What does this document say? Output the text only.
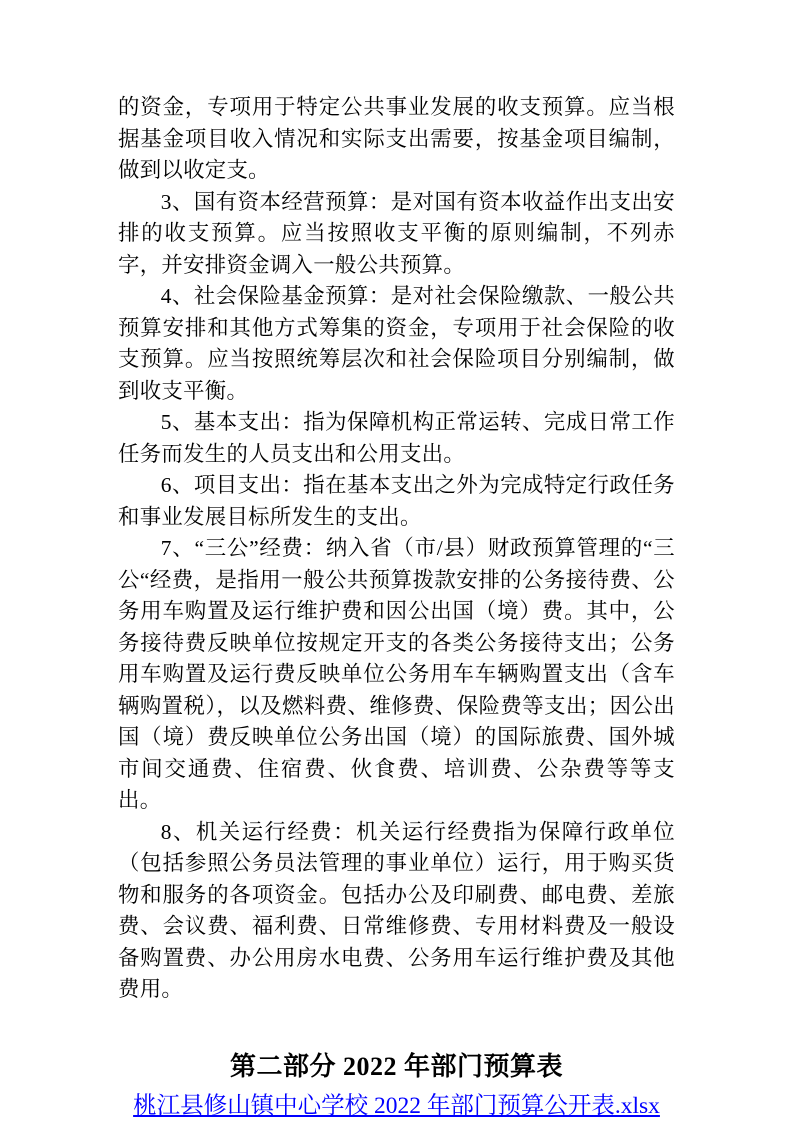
的资金，专项用于特定公共事业发展的收支预算。应当根据基金项目收入情况和实际支出需要，按基金项目编制，做到以收定支。

3、国有资本经营预算：是对国有资本收益作出支出安排的收支预算。应当按照收支平衡的原则编制，不列赤字，并安排资金调入一般公共预算。

4、社会保险基金预算：是对社会保险缴款、一般公共预算安排和其他方式筹集的资金，专项用于社会保险的收支预算。应当按照统筹层次和社会保险项目分别编制，做到收支平衡。

5、基本支出：指为保障机构正常运转、完成日常工作任务而发生的人员支出和公用支出。

6、项目支出：指在基本支出之外为完成特定行政任务和事业发展目标所发生的支出。

7、“三公”经费：纳入省（市/县）财政预算管理的“三公“经费，是指用一般公共预算拨款安排的公务接待费、公务用车购置及运行维护费和因公出国（境）费。其中，公务接待费反映单位按规定开支的各类公务接待支出；公务用车购置及运行费反映单位公务用车车辆购置支出（含车辆购置税），以及燃料费、维修费、保险费等支出；因公出国（境）费反映单位公务出国（境）的国际旅费、国外城市间交通费、住宿费、伙食费、培训费、公杂费等等支出。

8、机关运行经费：机关运行经费指为保障行政单位（包括参照公务员法管理的事业单位）运行，用于购买货物和服务的各项资金。包括办公及印刷费、邮电费、差旅费、会议费、福利费、日常维修费、专用材料费及一般设备购置费、办公用房水电费、公务用车运行维护费及其他费用。

第二部分 2022 年部门预算表

桃江县修山镇中心学校 2022 年部门预算公开表.xlsx
